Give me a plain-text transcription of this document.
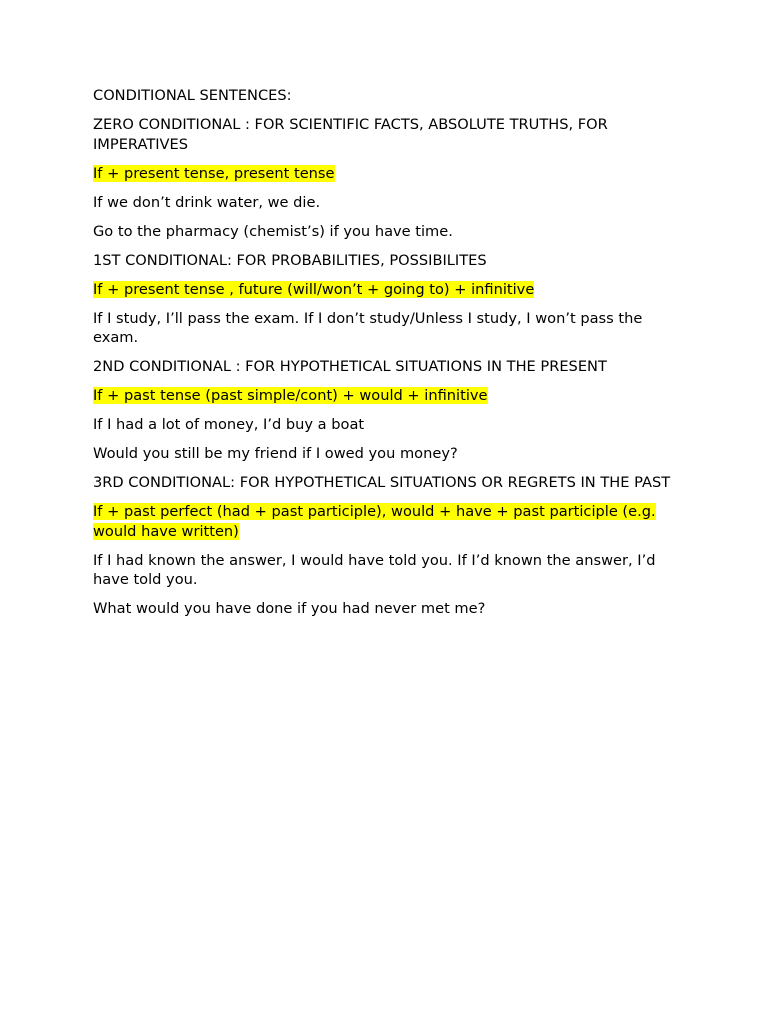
CONDITIONAL SENTENCES:

ZERO CONDITIONAL : FOR SCIENTIFIC FACTS, ABSOLUTE TRUTHS, FOR IMPERATIVES

If + present tense, present tense

If we don’t drink water, we die.

Go to the pharmacy (chemist’s) if you have time.

1ST CONDITIONAL: FOR PROBABILITIES, POSSIBILITES

If + present tense , future (will/won’t + going to) + infinitive

If I study, I’ll pass the exam. If I don’t study/Unless I study, I won’t pass the exam.

2ND CONDITIONAL : FOR HYPOTHETICAL SITUATIONS IN THE PRESENT

If + past tense (past simple/cont) + would + infinitive

If I had a lot of money, I’d buy a boat

Would you still be my friend if I owed you money?

3RD CONDITIONAL: FOR HYPOTHETICAL SITUATIONS OR REGRETS IN THE PAST

If + past perfect (had + past participle), would + have + past participle (e.g. would have written)

If I had known the answer, I would have told you. If I’d known the answer, I’d have told you.

What would you have done if you had never met me?
